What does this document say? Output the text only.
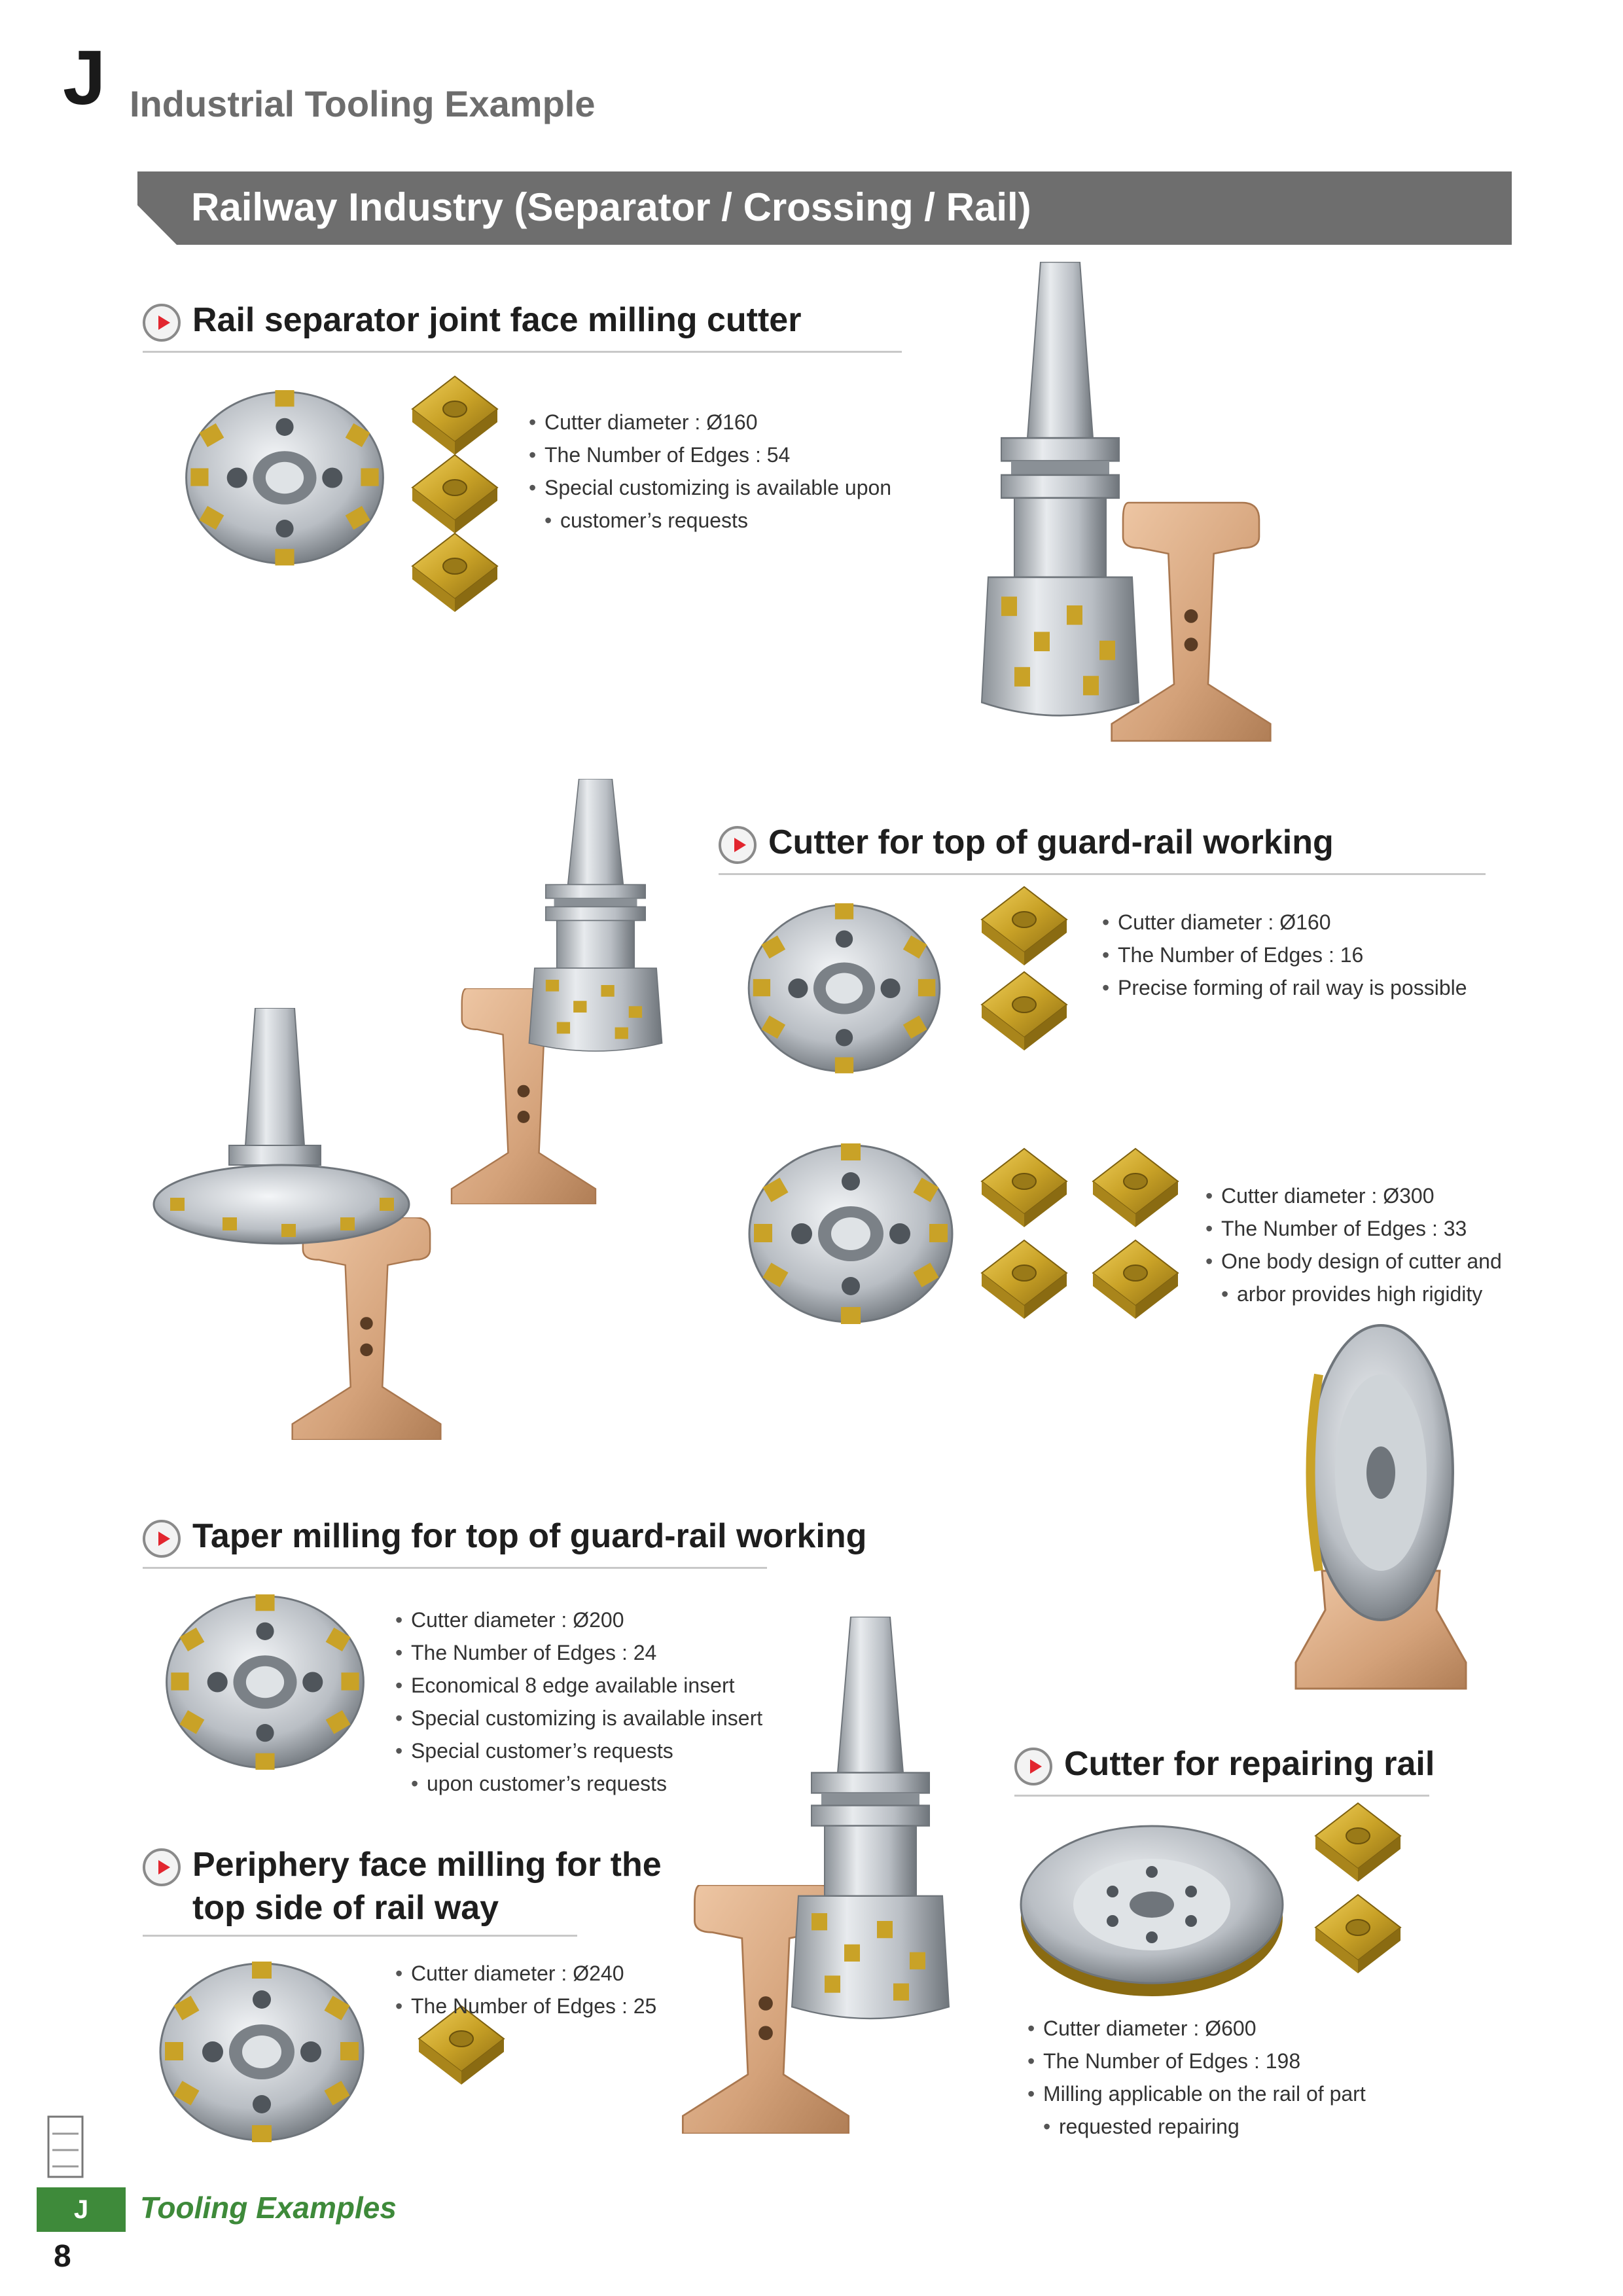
J Industrial Tooling Example
Railway Industry (Separator / Crossing / Rail)
Rail separator joint face milling cutter
• Cutter diameter : Ø160
• The Number of Edges : 54
• Special customizing is available upon
• customer’s requests
Cutter for top of guard-rail working
• Cutter diameter : Ø160
• The Number of Edges : 16
• Precise forming of rail way is possible
• Cutter diameter : Ø300
• The Number of Edges : 33
• One body design of cutter and
• arbor provides high rigidity
Taper milling for top of guard-rail working
• Cutter diameter : Ø200
• The Number of Edges : 24
• Economical 8 edge available insert
• Special customizing is available insert
• Special customer’s requests
• upon customer’s requests
Periphery face milling for the
top side of rail way
• Cutter diameter : Ø240
• The Number of Edges : 25
Cutter for repairing rail
• Cutter diameter : Ø600
• The Number of Edges : 198
• Milling applicable on the rail of part
• requested repairing
J	Tooling Examples
8
